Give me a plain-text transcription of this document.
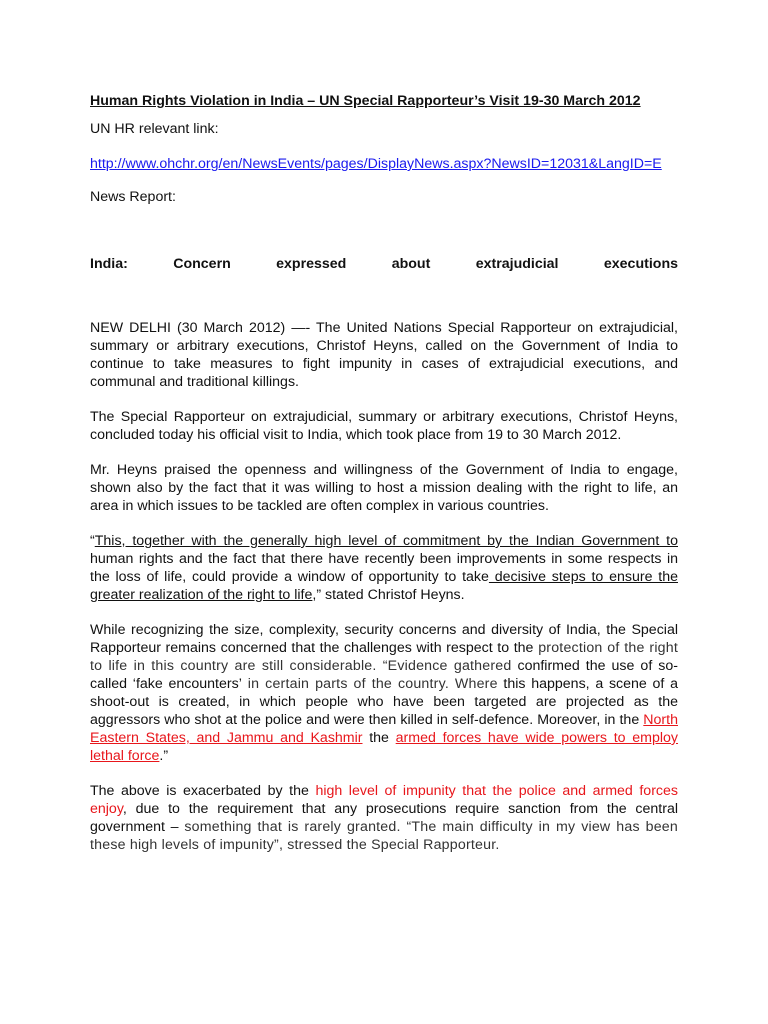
Human Rights Violation in India – UN Special Rapporteur’s Visit 19-30 March 2012
UN HR relevant link:
http://www.ohchr.org/en/NewsEvents/pages/DisplayNews.aspx?NewsID=12031&LangID=E
News Report:
India: Concern expressed about extrajudicial executions

NEW DELHI (30 March 2012) —- The United Nations Special Rapporteur on extrajudicial, summary or arbitrary executions, Christof Heyns, called on the Government of India to continue to take measures to fight impunity in cases of extrajudicial executions, and communal and traditional killings.

The Special Rapporteur on extrajudicial, summary or arbitrary executions, Christof Heyns, concluded today his official visit to India, which took place from 19 to 30 March 2012.

Mr. Heyns praised the openness and willingness of the Government of India to engage, shown also by the fact that it was willing to host a mission dealing with the right to life, an area in which issues to be tackled are often complex in various countries.

“This, together with the generally high level of commitment by the Indian Government to human rights and the fact that there have recently been improvements in some respects in the loss of life, could provide a window of opportunity to take decisive steps to ensure the greater realization of the right to life,” stated Christof Heyns.

While recognizing the size, complexity, security concerns and diversity of India, the Special Rapporteur remains concerned that the challenges with respect to the protection of the right to life in this country are still considerable. “Evidence gathered confirmed the use of so-called ‘fake encounters’ in certain parts of the country. Where this happens, a scene of a shoot-out is created, in which people who have been targeted are projected as the aggressors who shot at the police and were then killed in self-defence. Moreover, in the North Eastern States, and Jammu and Kashmir the armed forces have wide powers to employ lethal force.”

The above is exacerbated by the high level of impunity that the police and armed forces enjoy, due to the requirement that any prosecutions require sanction from the central government – something that is rarely granted. “The main difficulty in my view has been these high levels of impunity”, stressed the Special Rapporteur.
